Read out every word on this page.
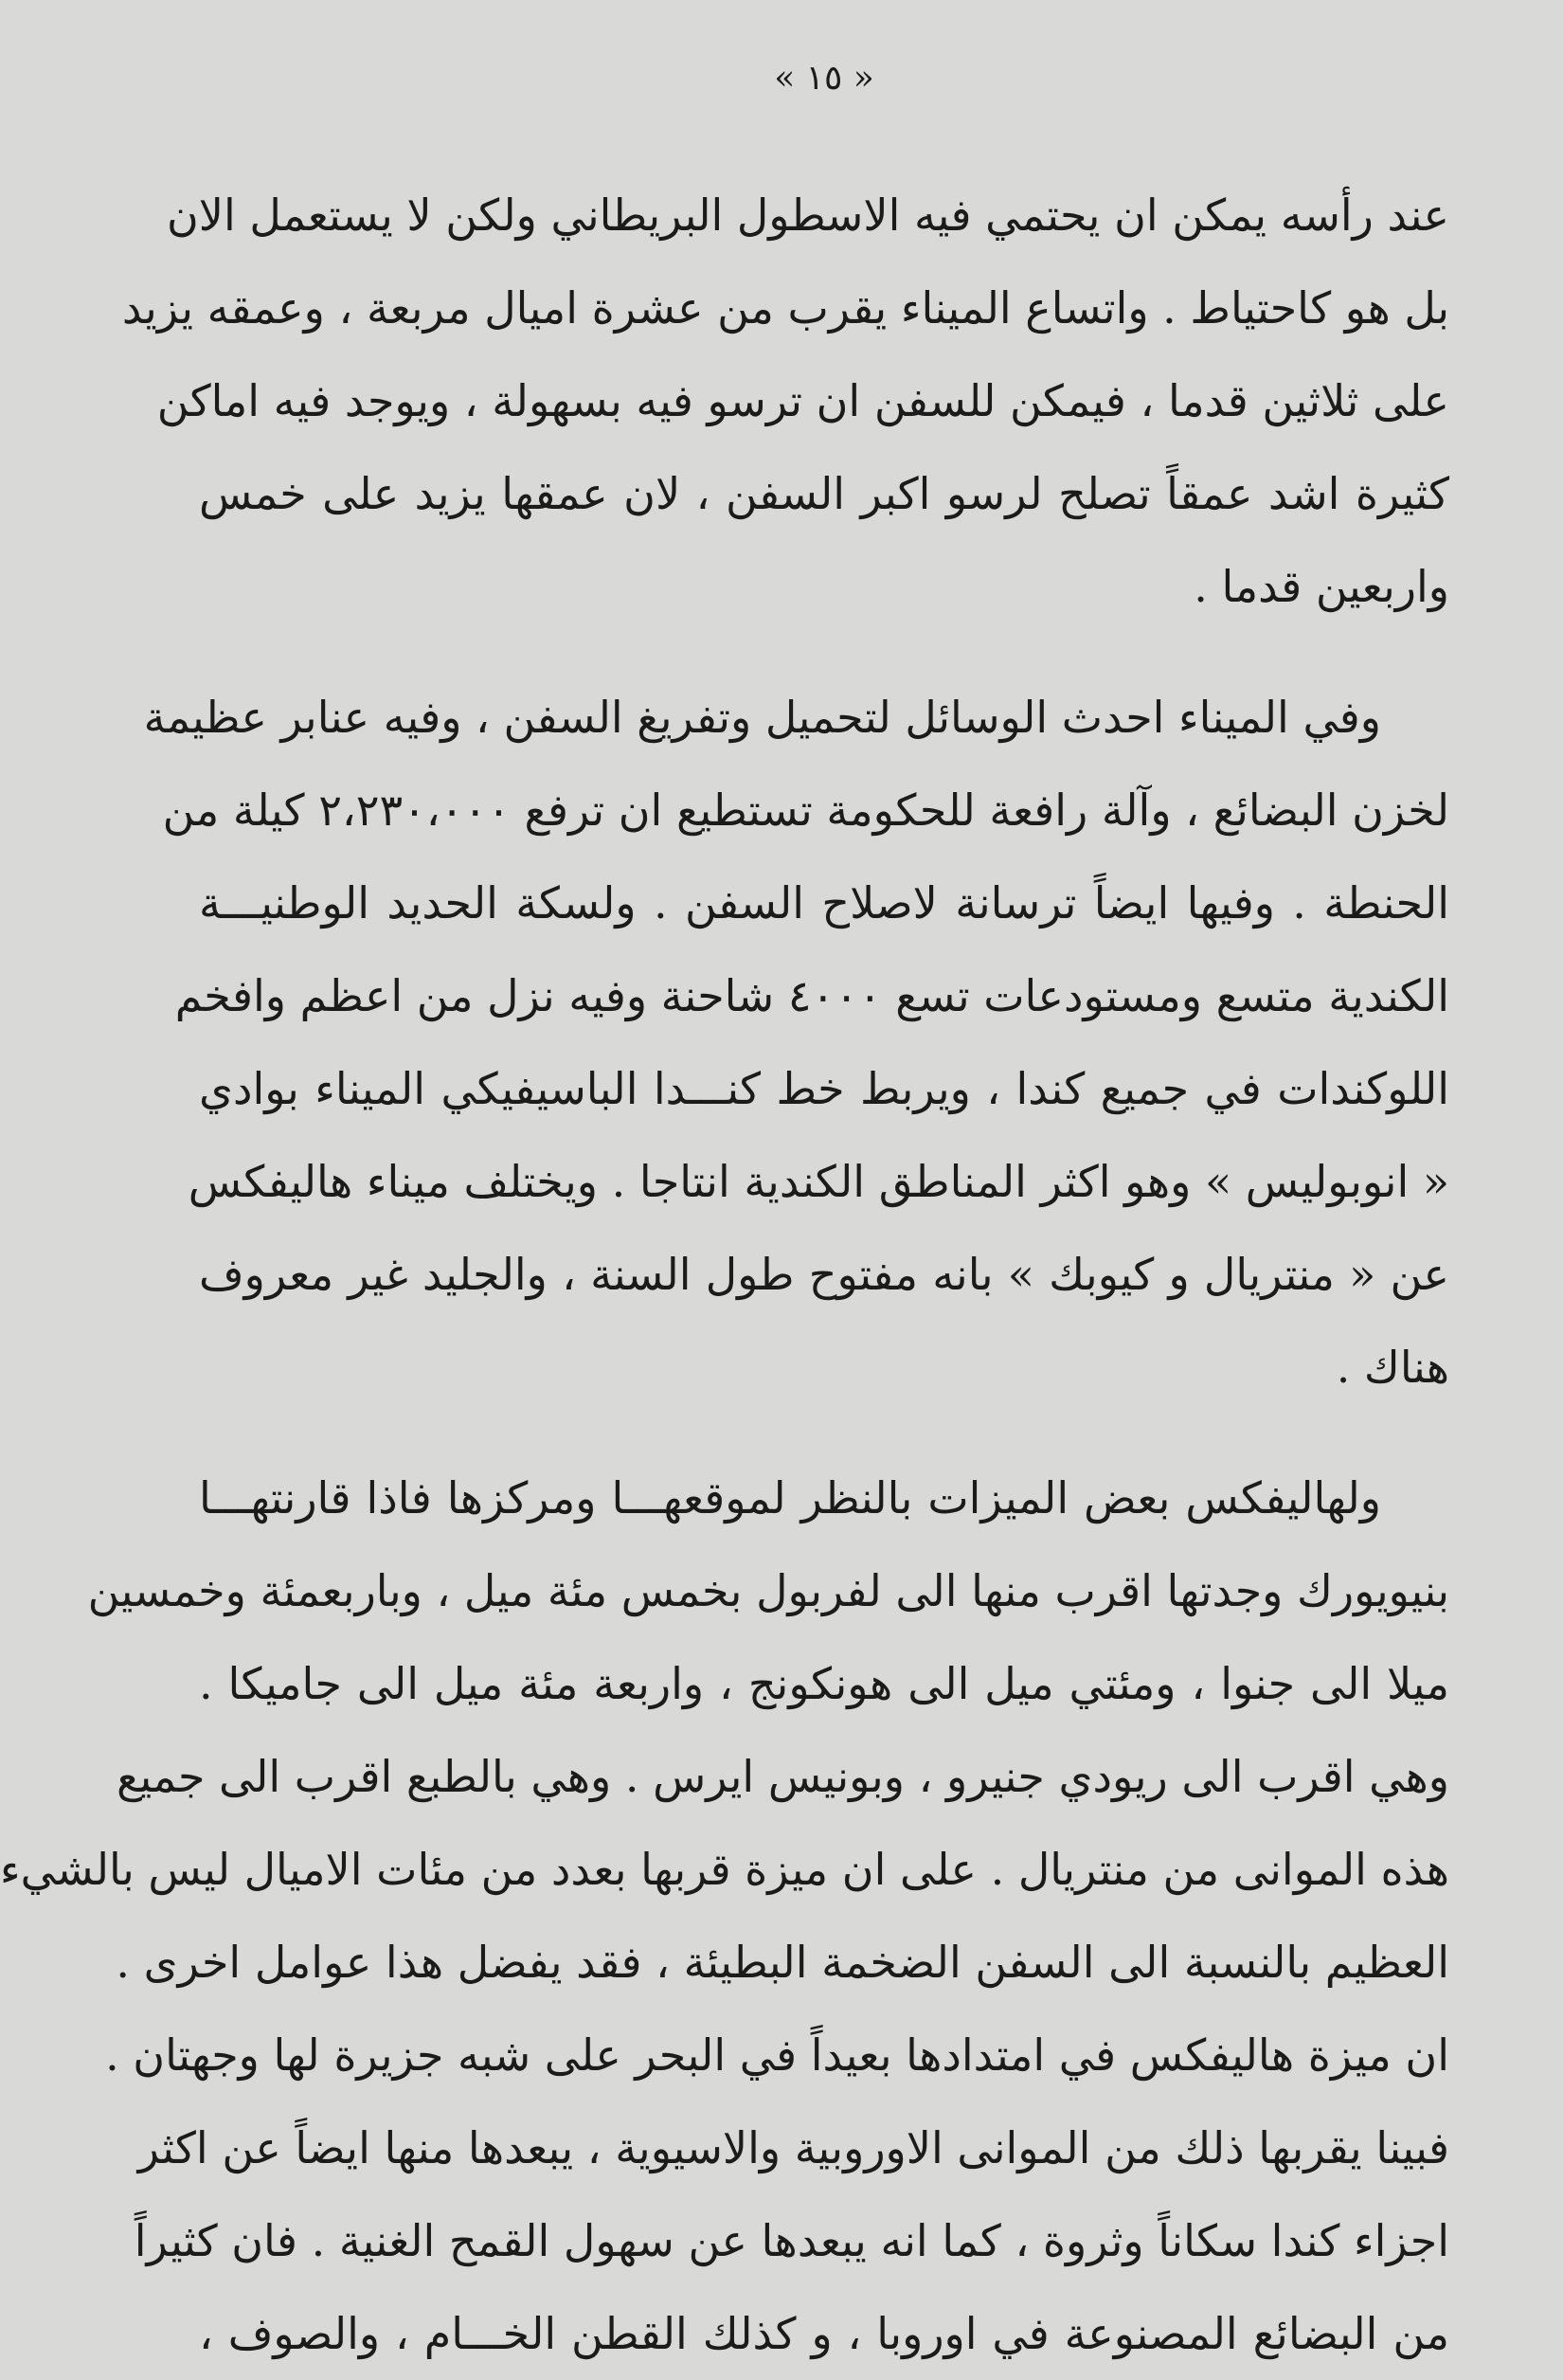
« ١٥ »
عند رأسه يمكن ان يحتمي فيه الاسطول البريطاني ولكن لا يستعمل الان
بل هو كاحتياط . واتساع الميناء يقرب من عشرة اميال مربعة ، وعمقه يزيد
على ثلاثين قدما ، فيمكن للسفن ان ترسو فيه بسهولة ، ويوجد فيه اماكن
كثيرة اشد عمقاً تصلح لرسو اكبر السفن ، لان عمقها يزيد على خمس
واربعين قدما .
وفي الميناء احدث الوسائل لتحميل وتفريغ السفن ، وفيه عنابر عظيمة
لخزن البضائع ، وآلة رافعة للحكومة تستطيع ان ترفع ٢،٢٣٠،٠٠٠ كيلة من
الحنطة . وفيها ايضاً ترسانة لاصلاح السفن . ولسكة الحديد الوطنيـــة
الكندية متسع ومستودعات تسع ٤٠٠٠ شاحنة وفيه نزل من اعظم وافخم
اللوكندات في جميع كندا ، ويربط خط كنـــدا الباسيفيكي الميناء بوادي
« انوبوليس » وهو اكثر المناطق الكندية انتاجا . ويختلف ميناء هاليفكس
عن « منتريال و كيوبك » بانه مفتوح طول السنة ، والجليد غير معروف
هناك .
ولهاليفكس بعض الميزات بالنظر لموقعهـــا ومركزها فاذا قارنتهـــا
بنيويورك وجدتها اقرب منها الى لفربول بخمس مئة ميل ، وباربعمئة وخمسين
ميلا الى جنوا ، ومئتي ميل الى هونكونج ، واربعة مئة ميل الى جاميكا .
وهي اقرب الى ريودي جنيرو ، وبونيس ايرس . وهي بالطبع اقرب الى جميع
هذه الموانى من منتريال . على ان ميزة قربها بعدد من مئات الاميال ليس بالشيء
العظيم بالنسبة الى السفن الضخمة البطيئة ، فقد يفضل هذا عوامل اخرى .
ان ميزة هاليفكس في امتدادها بعيداً في البحر على شبه جزيرة لها وجهتان .
فبينا يقربها ذلك من الموانى الاوروبية والاسيوية ، يبعدها منها ايضاً عن اكثر
اجزاء كندا سكاناً وثروة ، كما انه يبعدها عن سهول القمح الغنية . فان كثيراً
من البضائع المصنوعة في اوروبا ، و كذلك القطن الخـــام ، والصوف ،
